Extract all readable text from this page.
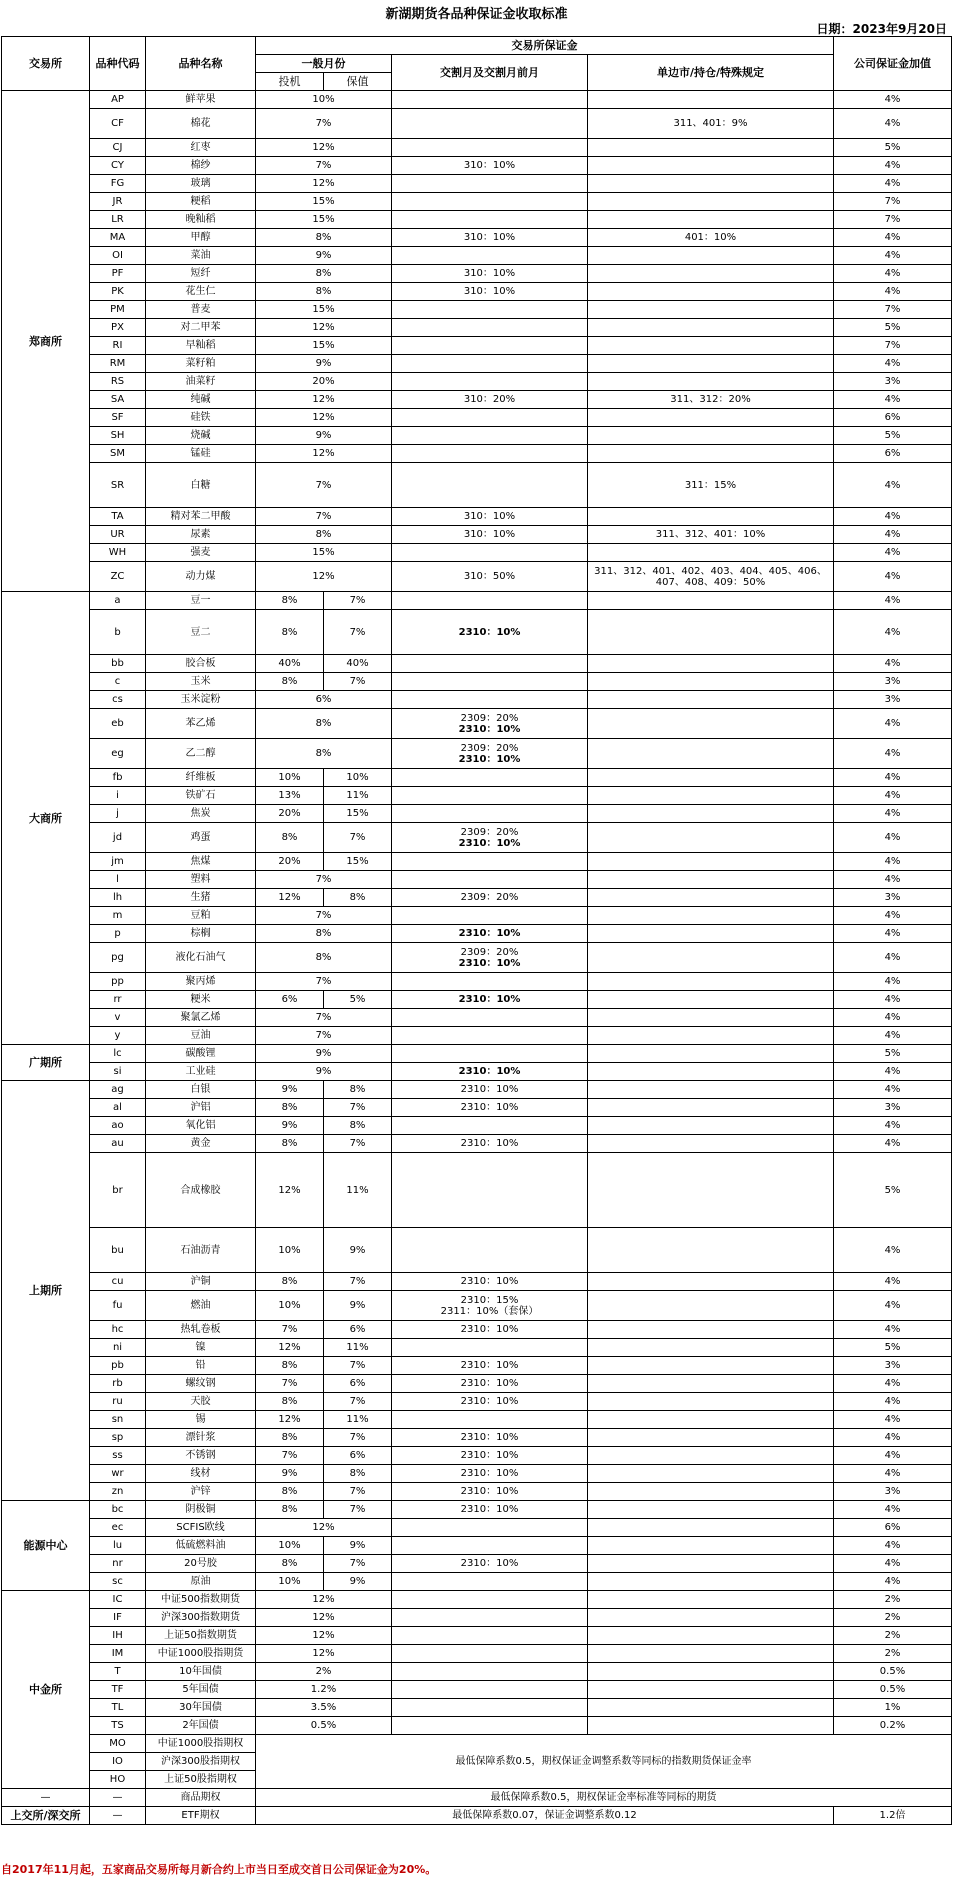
新湖期货各品种保证金收取标准
日期：2023年9月20日
交易所	品种代码	品种名称	交易所保证金				公司保证金加值
			一般月份		交割月及交割月前月	单边市/持仓/特殊规定	
			投机	保值			
郑商所	AP	鲜苹果	10%				4%
	CF	棉花	7%			311、401：9%	4%
	CJ	红枣	12%				5%
	CY	棉纱	7%		310：10%		4%
	FG	玻璃	12%				4%
	JR	粳稻	15%				7%
	LR	晚籼稻	15%				7%
	MA	甲醇	8%		310：10%	401：10%	4%
	OI	菜油	9%				4%
	PF	短纤	8%		310：10%		4%
	PK	花生仁	8%		310：10%		4%
	PM	普麦	15%				7%
	PX	对二甲苯	12%				5%
	RI	早籼稻	15%				7%
	RM	菜籽粕	9%				4%
	RS	油菜籽	20%				3%
	SA	纯碱	12%		310：20%	311、312：20%	4%
	SF	硅铁	12%				6%
	SH	烧碱	9%				5%
	SM	锰硅	12%				6%
	SR	白糖	7%			311：15%	4%
	TA	精对苯二甲酸	7%		310：10%		4%
	UR	尿素	8%		310：10%	311、312、401：10%	4%
	WH	强麦	15%				4%
	ZC	动力煤	12%		310：50%	311、312、401、402、403、404、405、406、407、408、409：50%	4%
大商所	a	豆一	8%	7%			4%
	b	豆二	8%	7%	2310：10%		4%
	bb	胶合板	40%	40%			4%
	c	玉米	8%	7%			3%
	cs	玉米淀粉	6%				3%
	eb	苯乙烯	8%		2309：20%
2310：10%		4%
	eg	乙二醇	8%		2309：20%
2310：10%		4%
	fb	纤维板	10%	10%			4%
	i	铁矿石	13%	11%			4%
	j	焦炭	20%	15%			4%
	jd	鸡蛋	8%	7%	2309：20%
2310：10%		4%
	jm	焦煤	20%	15%			4%
	l	塑料	7%				4%
	lh	生猪	12%	8%	2309：20%		3%
	m	豆粕	7%				4%
	p	棕榈	8%		2310：10%		4%
	pg	液化石油气	8%		2309：20%
2310：10%		4%
	pp	聚丙烯	7%				4%
	rr	粳米	6%	5%	2310：10%		4%
	v	聚氯乙烯	7%				4%
	y	豆油	7%				4%
广期所	lc	碳酸锂	9%				5%
	si	工业硅	9%		2310：10%		4%
上期所	ag	白银	9%	8%	2310：10%		4%
	al	沪铝	8%	7%	2310：10%		3%
	ao	氧化铝	9%	8%			4%
	au	黄金	8%	7%	2310：10%		4%
	br	合成橡胶	12%	11%			5%
	bu	石油沥青	10%	9%			4%
	cu	沪铜	8%	7%	2310：10%		4%
	fu	燃油	10%	9%	2310：15%
2311：10%（套保）		4%
	hc	热轧卷板	7%	6%	2310：10%		4%
	ni	镍	12%	11%			5%
	pb	铅	8%	7%	2310：10%		3%
	rb	螺纹钢	7%	6%	2310：10%		4%
	ru	天胶	8%	7%	2310：10%		4%
	sn	锡	12%	11%			4%
	sp	漂针浆	8%	7%	2310：10%		4%
	ss	不锈钢	7%	6%	2310：10%		4%
	wr	线材	9%	8%	2310：10%		4%
	zn	沪锌	8%	7%	2310：10%		3%
能源中心	bc	阴极铜	8%	7%	2310：10%		4%
	ec	SCFIS欧线	12%				6%
	lu	低硫燃料油	10%	9%			4%
	nr	20号胶	8%	7%	2310：10%		4%
	sc	原油	10%	9%			4%
中金所	IC	中证500指数期货	12%				2%
	IF	沪深300指数期货	12%				2%
	IH	上证50指数期货	12%				2%
	IM	中证1000股指期货	12%				2%
	T	10年国债	2%				0.5%
	TF	5年国债	1.2%				0.5%
	TL	30年国债	3.5%				1%
	TS	2年国债	0.5%				0.2%
	MO	中证1000股指期权	最低保障系数0.5，期权保证金调整系数等同标的指数期货保证金率				
	IO	沪深300股指期权					
	HO	上证50股指期权					
—	—	商品期权	最低保障系数0.5，期权保证金率标准等同标的期货				
上交所/深交所	—	ETF期权	最低保障系数0.07，保证金调整系数0.12				1.2倍
自2017年11月起，五家商品交易所每月新合约上市当日至成交首日公司保证金为20%。
